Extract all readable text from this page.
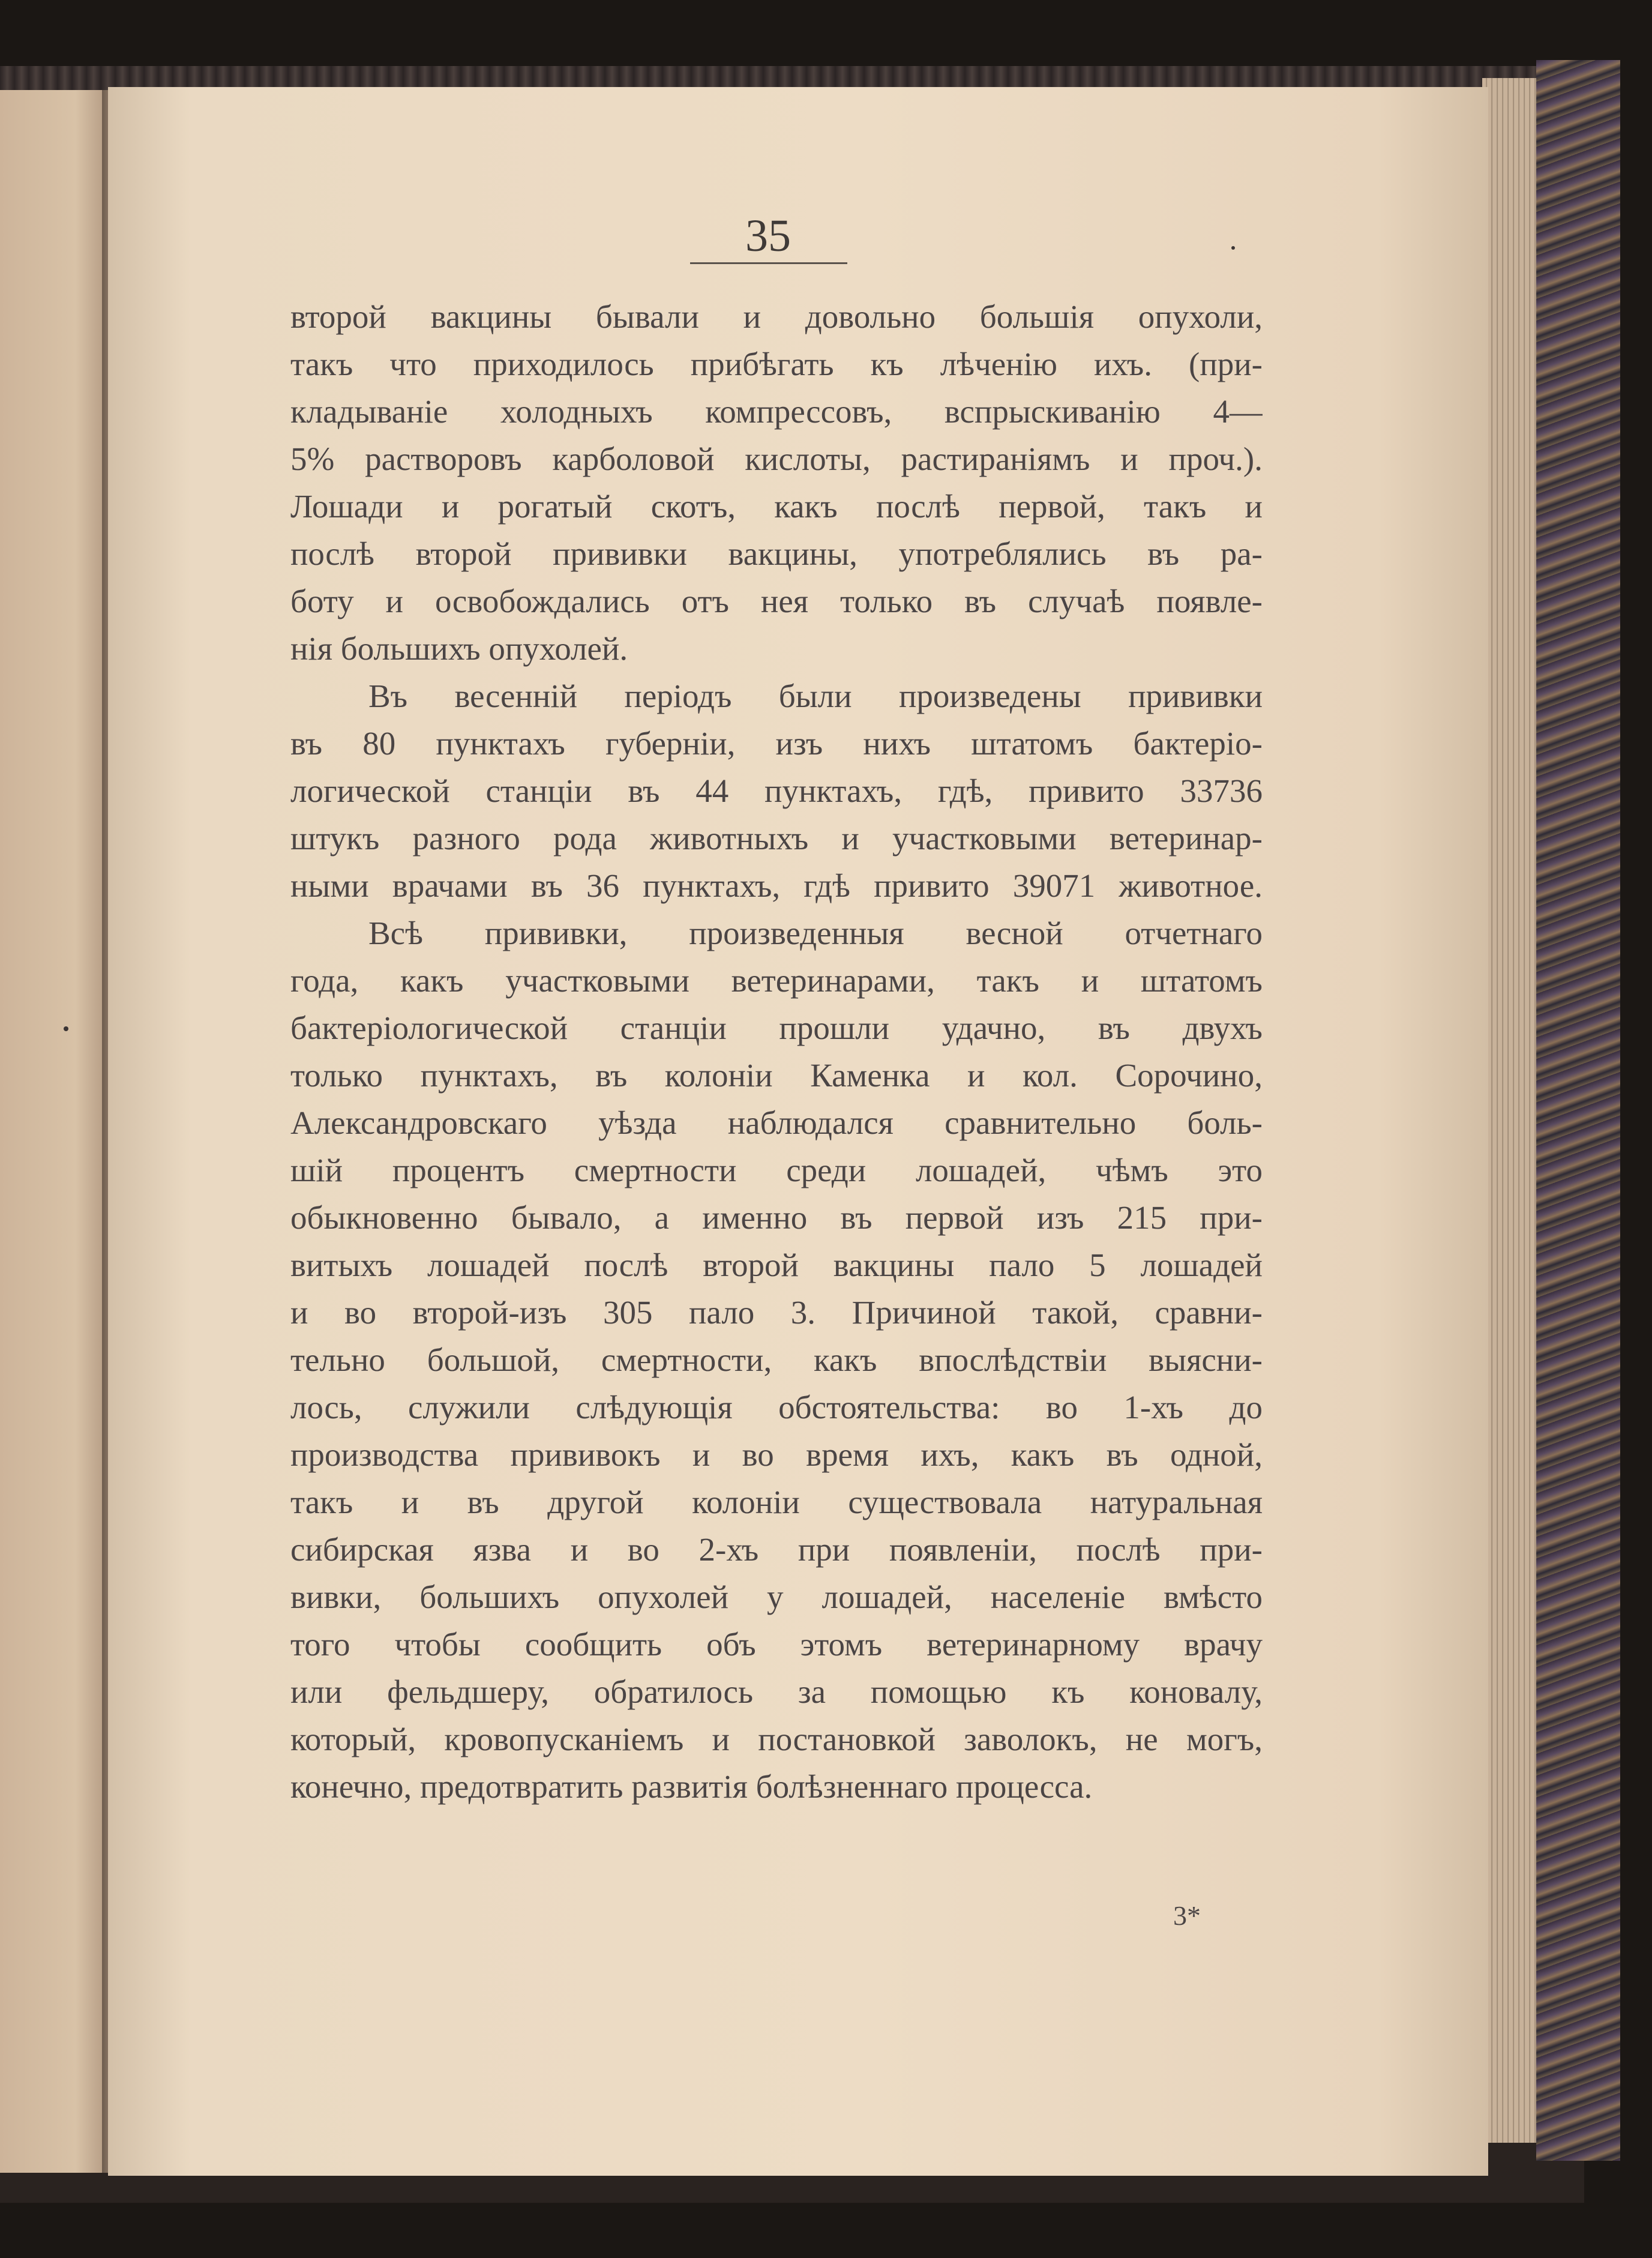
35
второй вакцины бывали и довольно большія опухоли,
такъ что приходилось прибѣгать къ лѣченію ихъ. (при-
кладываніе холодныхъ компрессовъ, вспрыскиванію 4—
5% растворовъ карболовой кислоты, растираніямъ и проч.).
Лошади и рогатый скотъ, какъ послѣ первой, такъ и
послѣ второй прививки вакцины, употреблялись въ ра-
боту и освобождались отъ нея только въ случаѣ появле-
нія большихъ опухолей.
Въ весенній періодъ были произведены прививки
въ 80 пунктахъ губерніи, изъ нихъ штатомъ бактеріо-
логической станціи въ 44 пунктахъ, гдѣ, привито 33736
штукъ разного рода животныхъ и участковыми ветеринар-
ными врачами въ 36 пунктахъ, гдѣ привито 39071 животное.
Всѣ прививки, произведенныя весной отчетнаго
года, какъ участковыми ветеринарами, такъ и штатомъ
бактеріологической станціи прошли удачно, въ двухъ
только пунктахъ, въ колоніи Каменка и кол. Сорочино,
Александровскаго уѣзда наблюдался сравнительно боль-
шій процентъ смертности среди лошадей, чѣмъ это
обыкновенно бывало, а именно въ первой изъ 215 при-
витыхъ лошадей послѣ второй вакцины пало 5 лошадей
и во второй-изъ 305 пало 3. Причиной такой, сравни-
тельно большой, смертности, какъ впослѣдствіи выясни-
лось, служили слѣдующія обстоятельства: во 1-хъ до
производства прививокъ и во время ихъ, какъ въ одной,
такъ и въ другой колоніи существовала натуральная
сибирская язва и во 2-хъ при появленіи, послѣ при-
вивки, большихъ опухолей у лошадей, населеніе вмѣсто
того чтобы сообщить объ этомъ ветеринарному врачу
или фельдшеру, обратилось за помощью къ коновалу,
который, кровопусканіемъ и постановкой заволокъ, не могъ,
конечно, предотвратить развитія болѣзненнаго процесса.
3*
